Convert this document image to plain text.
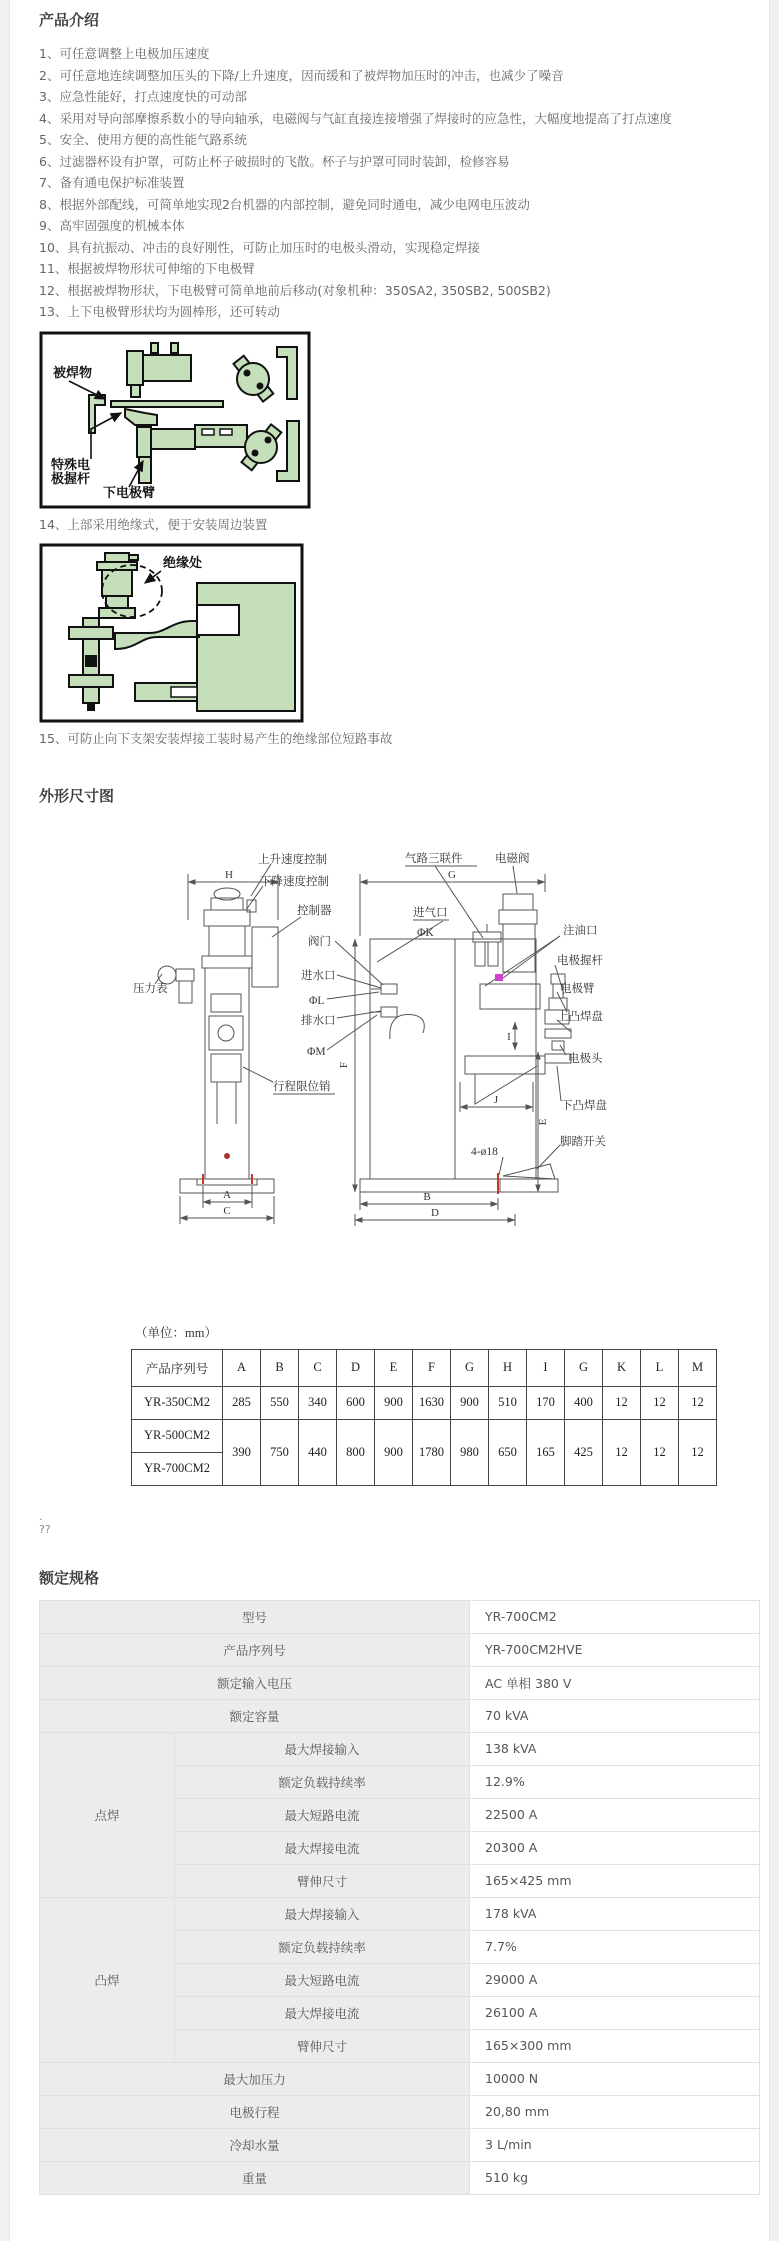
产品介绍
1、可任意调整上电极加压速度
2、可任意地连续调整加压头的下降/上升速度，因而缓和了被焊物加压时的冲击，也减少了噪音
3、应急性能好，打点速度快的可动部
4、采用对导向部摩擦系数小的导向轴承，电磁阀与气缸直接连接增强了焊接时的应急性，大幅度地提高了打点速度
5、安全、使用方便的高性能气路系统
6、过滤器杯设有护罩，可防止杯子破损时的飞散。杯子与护罩可同时装卸，检修容易
7、备有通电保护标准装置
8、根据外部配线，可简单地实现2台机器的内部控制，避免同时通电，减少电网电压波动
9、高牢固强度的机械本体
10、具有抗振动、冲击的良好刚性，可防止加压时的电极头滑动，实现稳定焊接
11、根据被焊物形状可伸缩的下电极臂
12、根据被焊物形状，下电极臂可简单地前后移动(对象机种：350SA2, 350SB2, 500SB2)
13、上下电极臂形状均为圆棒形，还可转动
被焊物
特殊电
极握杆
下电极臂
14、上部采用绝缘式，便于安装周边装置
绝缘处
15、可防止向下支架安装焊接工装时易产生的绝缘部位短路事故
外形尺寸图
上升速度控制
下降速度控制
控制器
压力表
阀门
进水口
ΦL
排水口
ΦM
行程限位销
气路三联件	电磁阀
进气口
ΦK	注油口
电极握杆
电极臂
上凸焊盘
电极头
下凸焊盘
脚踏开关
4-ø18
H	G
A
C
B
D
J
I
F
E
（单位：mm）
产品序列号	A	B	C	D	E	F	G	H	I	G	K	L	M
YR-350CM2	285	550	340	600	900	1630	900	510	170	400	12	12	12
YR-500CM2	390	750	440	800	900	1780	980	650	165	425	12	12	12
YR-700CM2													
.
??
额定规格
型号		YR-700CM2
产品序列号		YR-700CM2HVE
额定输入电压		AC 单相 380 V
额定容量		70 kVA
点焊	最大焊接输入	138 kVA
	额定负载持续率	12.9%
	最大短路电流	22500 A
	最大焊接电流	20300 A
	臂伸尺寸	165×425 mm
凸焊	最大焊接输入	178 kVA
	额定负载持续率	7.7%
	最大短路电流	29000 A
	最大焊接电流	26100 A
	臂伸尺寸	165×300 mm
最大加压力		10000 N
电极行程		20,80 mm
冷却水量		3 L/min
重量		510 kg
